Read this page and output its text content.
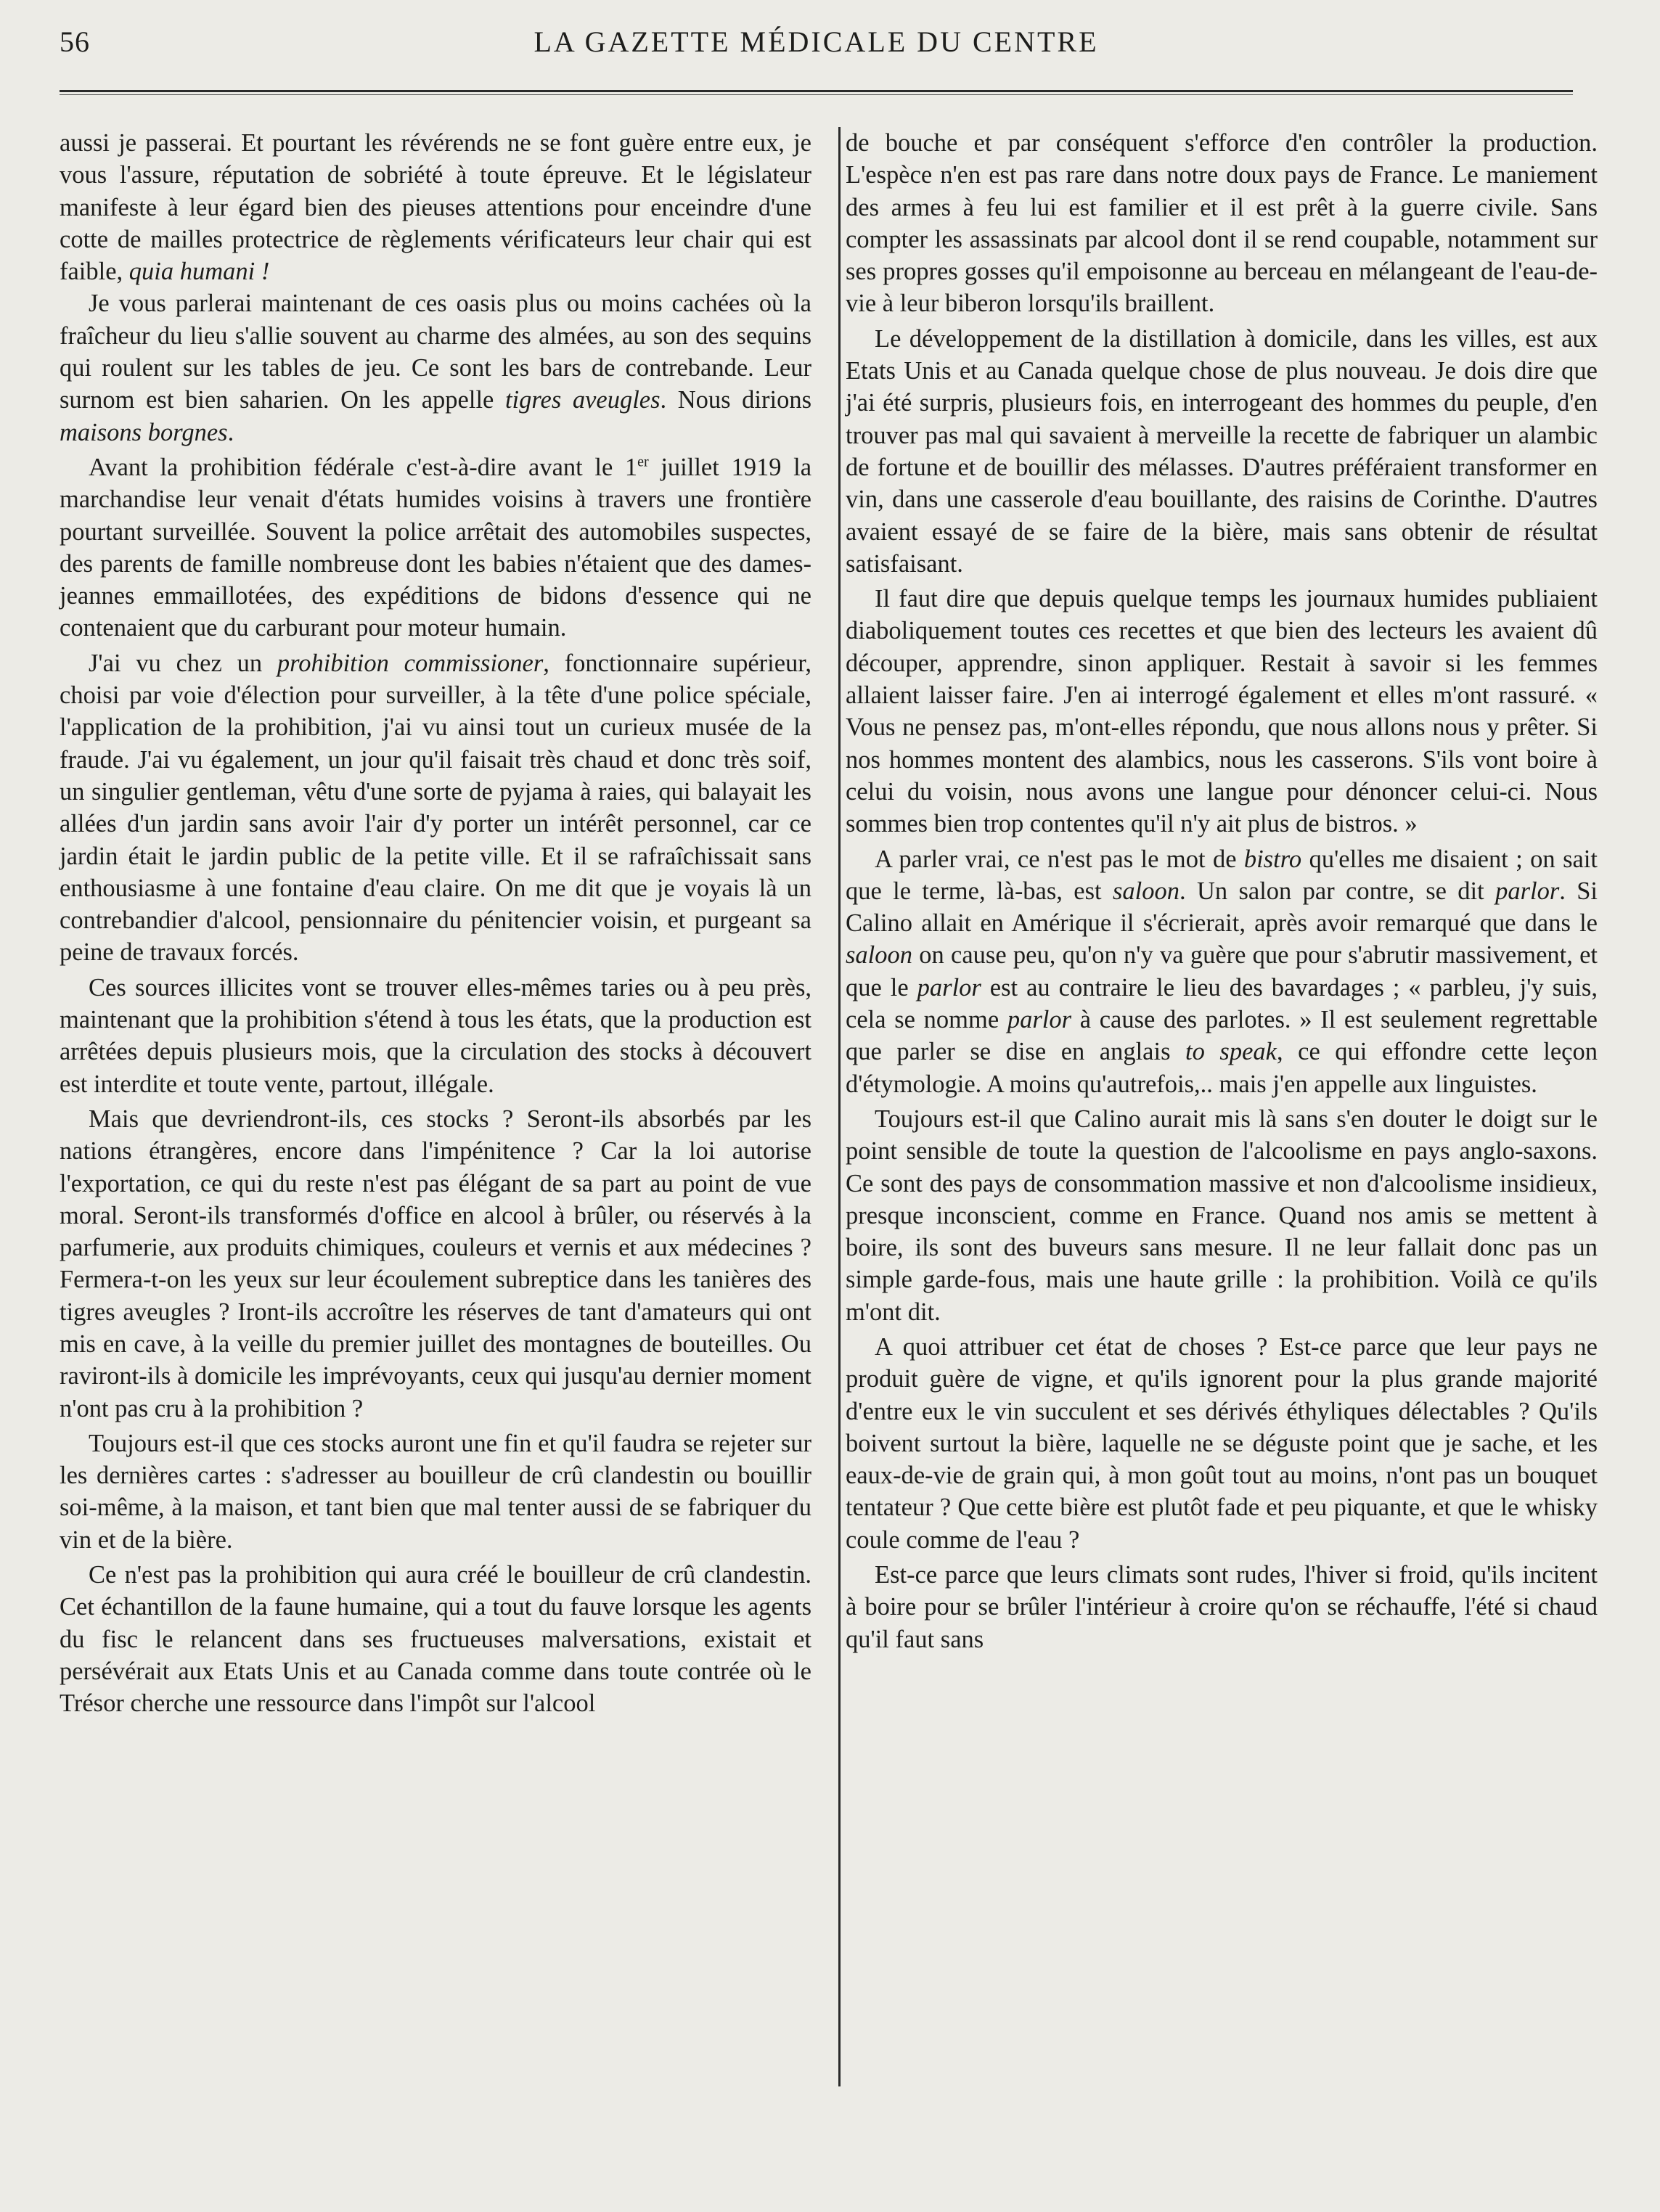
56	LA GAZETTE MÉDICALE DU CENTRE

aussi je passerai. Et pourtant les révérends ne se font guère entre eux, je vous l'assure, réputation de sobriété à toute épreuve. Et le législateur manifeste à leur égard bien des pieuses attentions pour enceindre d'une cotte de mailles protectrice de règlements vérificateurs leur chair qui est faible, quia humani !

Je vous parlerai maintenant de ces oasis plus ou moins cachées où la fraîcheur du lieu s'allie souvent au charme des almées, au son des sequins qui roulent sur les tables de jeu. Ce sont les bars de contrebande. Leur surnom est bien saharien. On les appelle tigres aveugles. Nous dirions maisons borgnes.

Avant la prohibition fédérale c'est-à-dire avant le 1er juillet 1919 la marchandise leur venait d'états humides voisins à travers une frontière pourtant surveillée. Souvent la police arrêtait des automobiles suspectes, des parents de famille nombreuse dont les babies n'étaient que des dames-jeannes emmaillotées, des expéditions de bidons d'essence qui ne contenaient que du carburant pour moteur humain.

J'ai vu chez un prohibition commissioner, fonctionnaire supérieur, choisi par voie d'élection pour surveiller, à la tête d'une police spéciale, l'application de la prohibition, j'ai vu ainsi tout un curieux musée de la fraude. J'ai vu également, un jour qu'il faisait très chaud et donc très soif, un singulier gentleman, vêtu d'une sorte de pyjama à raies, qui balayait les allées d'un jardin sans avoir l'air d'y porter un intérêt personnel, car ce jardin était le jardin public de la petite ville. Et il se rafraîchissait sans enthousiasme à une fontaine d'eau claire. On me dit que je voyais là un contrebandier d'alcool, pensionnaire du pénitencier voisin, et purgeant sa peine de travaux forcés.

Ces sources illicites vont se trouver elles-mêmes taries ou à peu près, maintenant que la prohibition s'étend à tous les états, que la production est arrêtées depuis plusieurs mois, que la circulation des stocks à découvert est interdite et toute vente, partout, illégale.

Mais que devriendront-ils, ces stocks ? Seront-ils absorbés par les nations étrangères, encore dans l'impénitence ? Car la loi autorise l'exportation, ce qui du reste n'est pas élégant de sa part au point de vue moral. Seront-ils transformés d'office en alcool à brûler, ou réservés à la parfumerie, aux produits chimiques, couleurs et vernis et aux médecines ? Fermera-t-on les yeux sur leur écoulement subreptice dans les tanières des tigres aveugles ? Iront-ils accroître les réserves de tant d'amateurs qui ont mis en cave, à la veille du premier juillet des montagnes de bouteilles. Ou raviront-ils à domicile les imprévoyants, ceux qui jusqu'au dernier moment n'ont pas cru à la prohibition ?

Toujours est-il que ces stocks auront une fin et qu'il faudra se rejeter sur les dernières cartes : s'adresser au bouilleur de crû clandestin ou bouillir soi-même, à la maison, et tant bien que mal tenter aussi de se fabriquer du vin et de la bière.

Ce n'est pas la prohibition qui aura créé le bouilleur de crû clandestin. Cet échantillon de la faune humaine, qui a tout du fauve lorsque les agents du fisc le relancent dans ses fructueuses malversations, existait et persévérait aux Etats Unis et au Canada comme dans toute contrée où le Trésor cherche une ressource dans l'impôt sur l'alcool

de bouche et par conséquent s'efforce d'en contrôler la production. L'espèce n'en est pas rare dans notre doux pays de France. Le maniement des armes à feu lui est familier et il est prêt à la guerre civile. Sans compter les assassinats par alcool dont il se rend coupable, notamment sur ses propres gosses qu'il empoisonne au berceau en mélangeant de l'eau-de-vie à leur biberon lorsqu'ils braillent.

Le développement de la distillation à domicile, dans les villes, est aux Etats Unis et au Canada quelque chose de plus nouveau. Je dois dire que j'ai été surpris, plusieurs fois, en interrogeant des hommes du peuple, d'en trouver pas mal qui savaient à merveille la recette de fabriquer un alambic de fortune et de bouillir des mélasses. D'autres préféraient transformer en vin, dans une casserole d'eau bouillante, des raisins de Corinthe. D'autres avaient essayé de se faire de la bière, mais sans obtenir de résultat satisfaisant.

Il faut dire que depuis quelque temps les journaux humides publiaient diaboliquement toutes ces recettes et que bien des lecteurs les avaient dû découper, apprendre, sinon appliquer. Restait à savoir si les femmes allaient laisser faire. J'en ai interrogé également et elles m'ont rassuré. « Vous ne pensez pas, m'ont-elles répondu, que nous allons nous y prêter. Si nos hommes montent des alambics, nous les casserons. S'ils vont boire à celui du voisin, nous avons une langue pour dénoncer celui-ci. Nous sommes bien trop contentes qu'il n'y ait plus de bistros. »

A parler vrai, ce n'est pas le mot de bistro qu'elles me disaient ; on sait que le terme, là-bas, est saloon. Un salon par contre, se dit parlor. Si Calino allait en Amérique il s'écrierait, après avoir remarqué que dans le saloon on cause peu, qu'on n'y va guère que pour s'abrutir massivement, et que le parlor est au contraire le lieu des bavardages ; « parbleu, j'y suis, cela se nomme parlor à cause des parlotes. » Il est seulement regrettable que parler se dise en anglais to speak, ce qui effondre cette leçon d'étymologie. A moins qu'autrefois,.. mais j'en appelle aux linguistes.

Toujours est-il que Calino aurait mis là sans s'en douter le doigt sur le point sensible de toute la question de l'alcoolisme en pays anglo-saxons. Ce sont des pays de consommation massive et non d'alcoolisme insidieux, presque inconscient, comme en France. Quand nos amis se mettent à boire, ils sont des buveurs sans mesure. Il ne leur fallait donc pas un simple garde-fous, mais une haute grille : la prohibition. Voilà ce qu'ils m'ont dit.

A quoi attribuer cet état de choses ? Est-ce parce que leur pays ne produit guère de vigne, et qu'ils ignorent pour la plus grande majorité d'entre eux le vin succulent et ses dérivés éthyliques délectables ? Qu'ils boivent surtout la bière, laquelle ne se déguste point que je sache, et les eaux-de-vie de grain qui, à mon goût tout au moins, n'ont pas un bouquet tentateur ? Que cette bière est plutôt fade et peu piquante, et que le whisky coule comme de l'eau ?

Est-ce parce que leurs climats sont rudes, l'hiver si froid, qu'ils incitent à boire pour se brûler l'intérieur à croire qu'on se réchauffe, l'été si chaud qu'il faut sans
